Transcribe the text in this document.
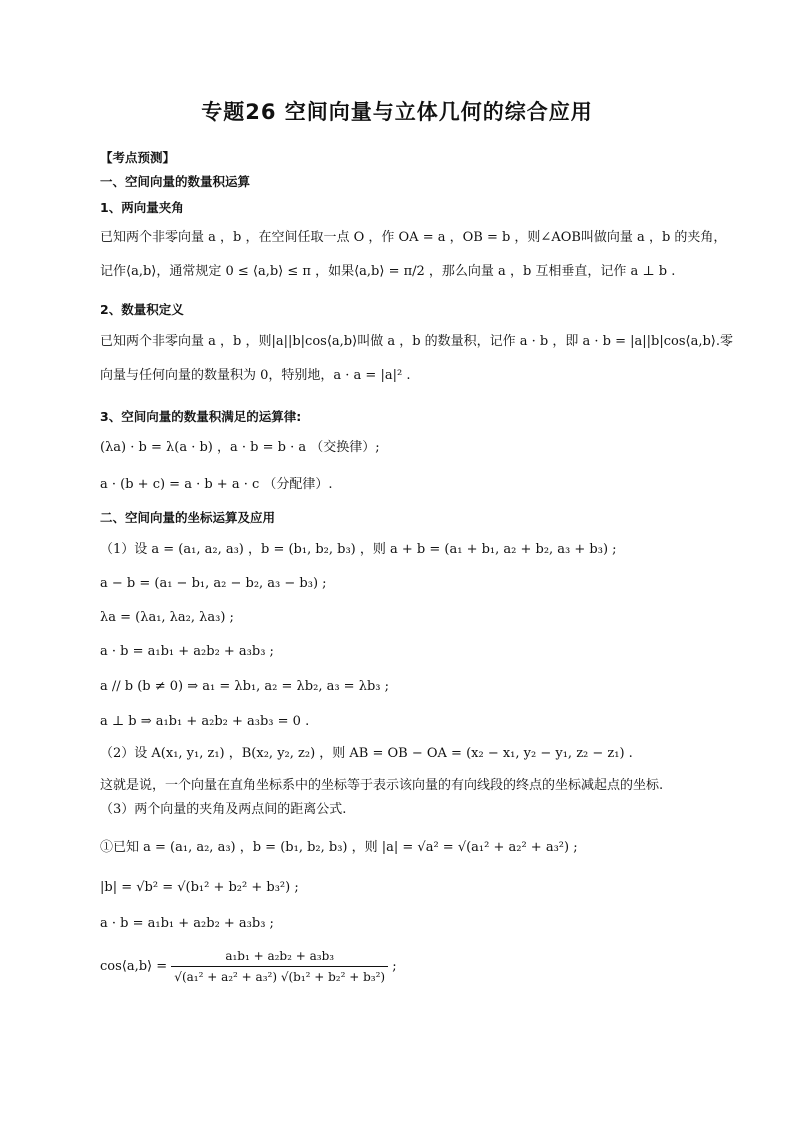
专题26 空间向量与立体几何的综合应用
【考点预测】
一、空间向量的数量积运算
1、两向量夹角
已知两个非零向量 a ，b ，在空间任取一点 O ，作 OA = a ，OB = b ，则∠AOB叫做向量 a ，b 的夹角，
记作⟨a,b⟩，通常规定 0 ≤ ⟨a,b⟩ ≤ π ，如果⟨a,b⟩ = π/2 ，那么向量 a ，b 互相垂直，记作 a ⊥ b .
2、数量积定义
已知两个非零向量 a ，b ，则|a||b|cos⟨a,b⟩叫做 a ，b 的数量积，记作 a · b ，即 a · b = |a||b|cos⟨a,b⟩.零
向量与任何向量的数量积为 0，特别地，a · a = |a|² .
3、空间向量的数量积满足的运算律:
(λa) · b = λ(a · b) ，a · b = b · a （交换律）;
a · (b + c) = a · b + a · c （分配律）.
二、空间向量的坐标运算及应用
（1）设 a = (a₁, a₂, a₃) ，b = (b₁, b₂, b₃) ，则 a + b = (a₁ + b₁, a₂ + b₂, a₃ + b₃) ;
a − b = (a₁ − b₁, a₂ − b₂, a₃ − b₃) ;
λa = (λa₁, λa₂, λa₃) ;
a · b = a₁b₁ + a₂b₂ + a₃b₃ ;
a // b (b ≠ 0) ⇒ a₁ = λb₁, a₂ = λb₂, a₃ = λb₃ ;
a ⊥ b ⇒ a₁b₁ + a₂b₂ + a₃b₃ = 0 .
（2）设 A(x₁, y₁, z₁) ，B(x₂, y₂, z₂) ，则 AB = OB − OA = (x₂ − x₁, y₂ − y₁, z₂ − z₁) .
这就是说，一个向量在直角坐标系中的坐标等于表示该向量的有向线段的终点的坐标减起点的坐标.
（3）两个向量的夹角及两点间的距离公式.
①已知 a = (a₁, a₂, a₃) ，b = (b₁, b₂, b₃) ，则 |a| = √a² = √(a₁² + a₂² + a₃²) ;
|b| = √b² = √(b₁² + b₂² + b₃²) ;
a · b = a₁b₁ + a₂b₂ + a₃b₃ ;
cos⟨a,b⟩ = $\frac{\text{a₁b₁ + a₂b₂ + a₃b₃}}{\text{√(a₁² + a₂² + a₃²) √(b₁² + b₂² + b₃²)}}$ ;
